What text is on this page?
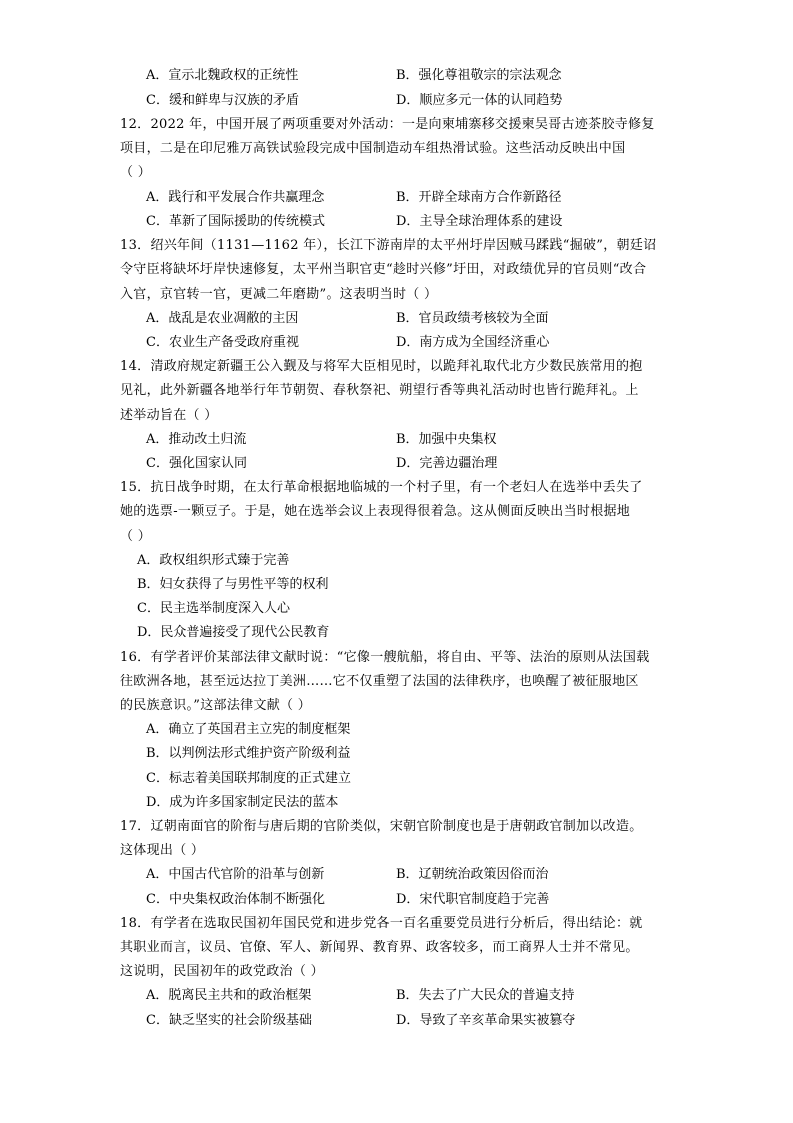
A．宣示北魏政权的正统性	B．强化尊祖敬宗的宗法观念
C．缓和鲜卑与汉族的矛盾	D．顺应多元一体的认同趋势
12．2022 年，中国开展了两项重要对外活动：一是向柬埔寨移交援柬吴哥古迹茶胶寺修复
项目，二是在印尼雅万高铁试验段完成中国制造动车组热滑试验。这些活动反映出中国
（ ）
A．践行和平发展合作共赢理念	B．开辟全球南方合作新路径
C．革新了国际援助的传统模式	D．主导全球治理体系的建设
13．绍兴年间（1131—1162 年），长江下游南岸的太平州圩岸因贼马蹂践“掘破”，朝廷诏
令守臣将缺坏圩岸快速修复，太平州当职官吏“趁时兴修”圩田，对政绩优异的官员则“改合
入官，京官转一官，更减二年磨勘”。这表明当时（ ）
A．战乱是农业凋敝的主因	B．官员政绩考核较为全面
C．农业生产备受政府重视	D．南方成为全国经济重心
14．清政府规定新疆王公入觐及与将军大臣相见时，以跪拜礼取代北方少数民族常用的抱
见礼，此外新疆各地举行年节朝贺、春秋祭祀、朔望行香等典礼活动时也皆行跪拜礼。上
述举动旨在（ ）
A．推动改土归流	B．加强中央集权
C．强化国家认同	D．完善边疆治理
15．抗日战争时期，在太行革命根据地临城的一个村子里，有一个老妇人在选举中丢失了
她的选票-一颗豆子。于是，她在选举会议上表现得很着急。这从侧面反映出当时根据地
（ ）
A．政权组织形式臻于完善
B．妇女获得了与男性平等的权利
C．民主选举制度深入人心
D．民众普遍接受了现代公民教育
16．有学者评价某部法律文献时说：“它像一艘航船，将自由、平等、法治的原则从法国载
往欧洲各地，甚至远达拉丁美洲……它不仅重塑了法国的法律秩序，也唤醒了被征服地区
的民族意识。”这部法律文献（ ）
A．确立了英国君主立宪的制度框架
B．以判例法形式维护资产阶级利益
C．标志着美国联邦制度的正式建立
D．成为许多国家制定民法的蓝本
17．辽朝南面官的阶衔与唐后期的官阶类似，宋朝官阶制度也是于唐朝政官制加以改造。
这体现出（ ）
A．中国古代官阶的沿革与创新	B．辽朝统治政策因俗而治
C．中央集权政治体制不断强化	D．宋代职官制度趋于完善
18．有学者在选取民国初年国民党和进步党各一百名重要党员进行分析后，得出结论：就
其职业而言，议员、官僚、军人、新闻界、教育界、政客较多，而工商界人士并不常见。
这说明，民国初年的政党政治（ ）
A．脱离民主共和的政治框架	B．失去了广大民众的普遍支持
C．缺乏坚实的社会阶级基础	D．导致了辛亥革命果实被篡夺
